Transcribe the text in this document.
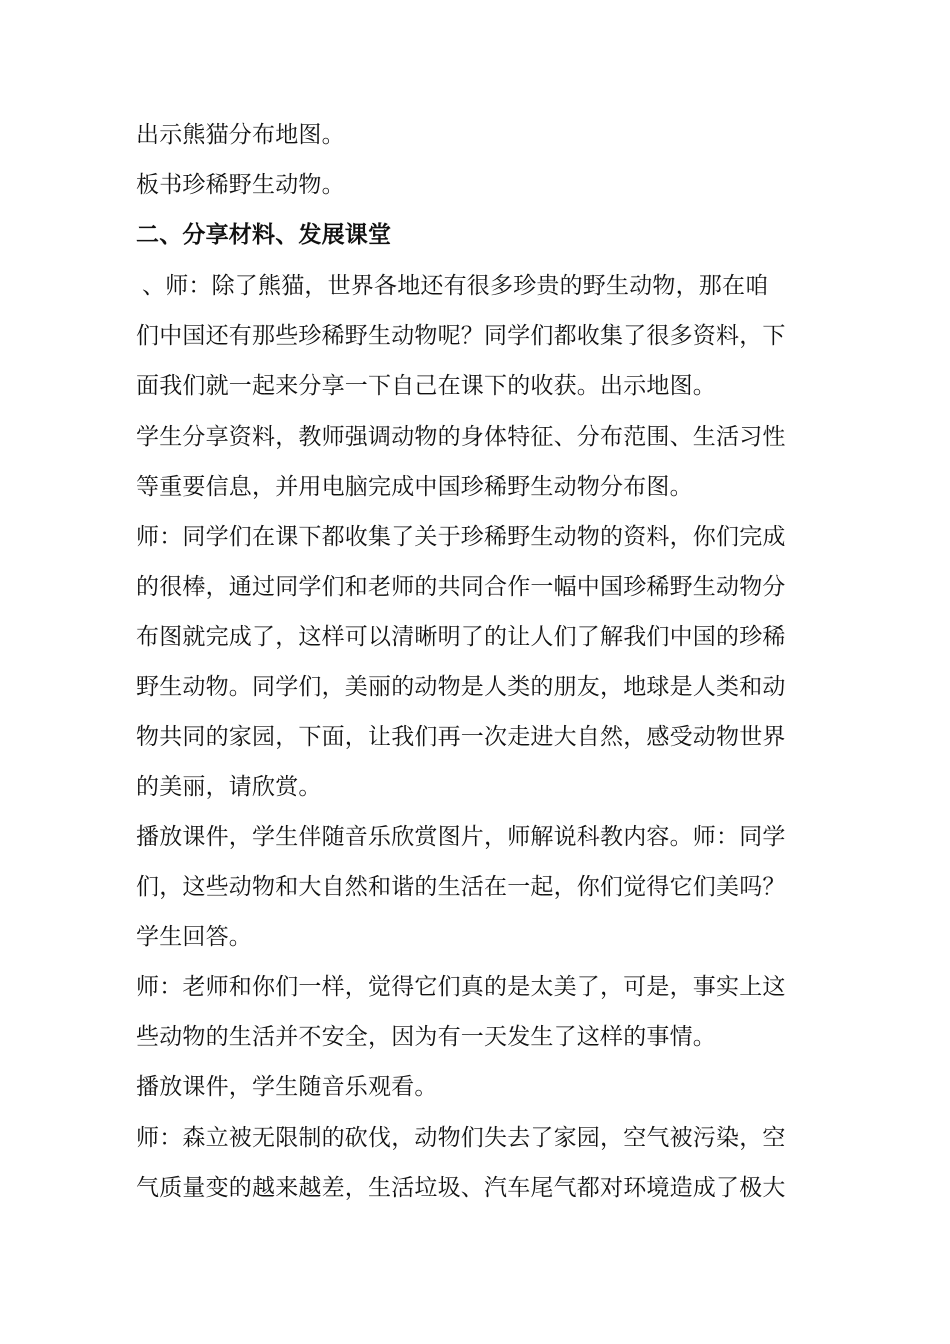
出示熊猫分布地图。
板书珍稀野生动物。
二、分享材料、发展课堂
、师：除了熊猫，世界各地还有很多珍贵的野生动物，那在咱
们中国还有那些珍稀野生动物呢？同学们都收集了很多资料，下
面我们就一起来分享一下自己在课下的收获。出示地图。
学生分享资料，教师强调动物的身体特征、分布范围、生活习性
等重要信息，并用电脑完成中国珍稀野生动物分布图。
师：同学们在课下都收集了关于珍稀野生动物的资料，你们完成
的很棒，通过同学们和老师的共同合作一幅中国珍稀野生动物分
布图就完成了，这样可以清晰明了的让人们了解我们中国的珍稀
野生动物。同学们，美丽的动物是人类的朋友，地球是人类和动
物共同的家园，下面，让我们再一次走进大自然，感受动物世界
的美丽，请欣赏。
播放课件，学生伴随音乐欣赏图片，师解说科教内容。师：同学
们，这些动物和大自然和谐的生活在一起，你们觉得它们美吗？
学生回答。
师：老师和你们一样，觉得它们真的是太美了，可是，事实上这
些动物的生活并不安全，因为有一天发生了这样的事情。
播放课件，学生随音乐观看。
师：森立被无限制的砍伐，动物们失去了家园，空气被污染，空
气质量变的越来越差，生活垃圾、汽车尾气都对环境造成了极大
